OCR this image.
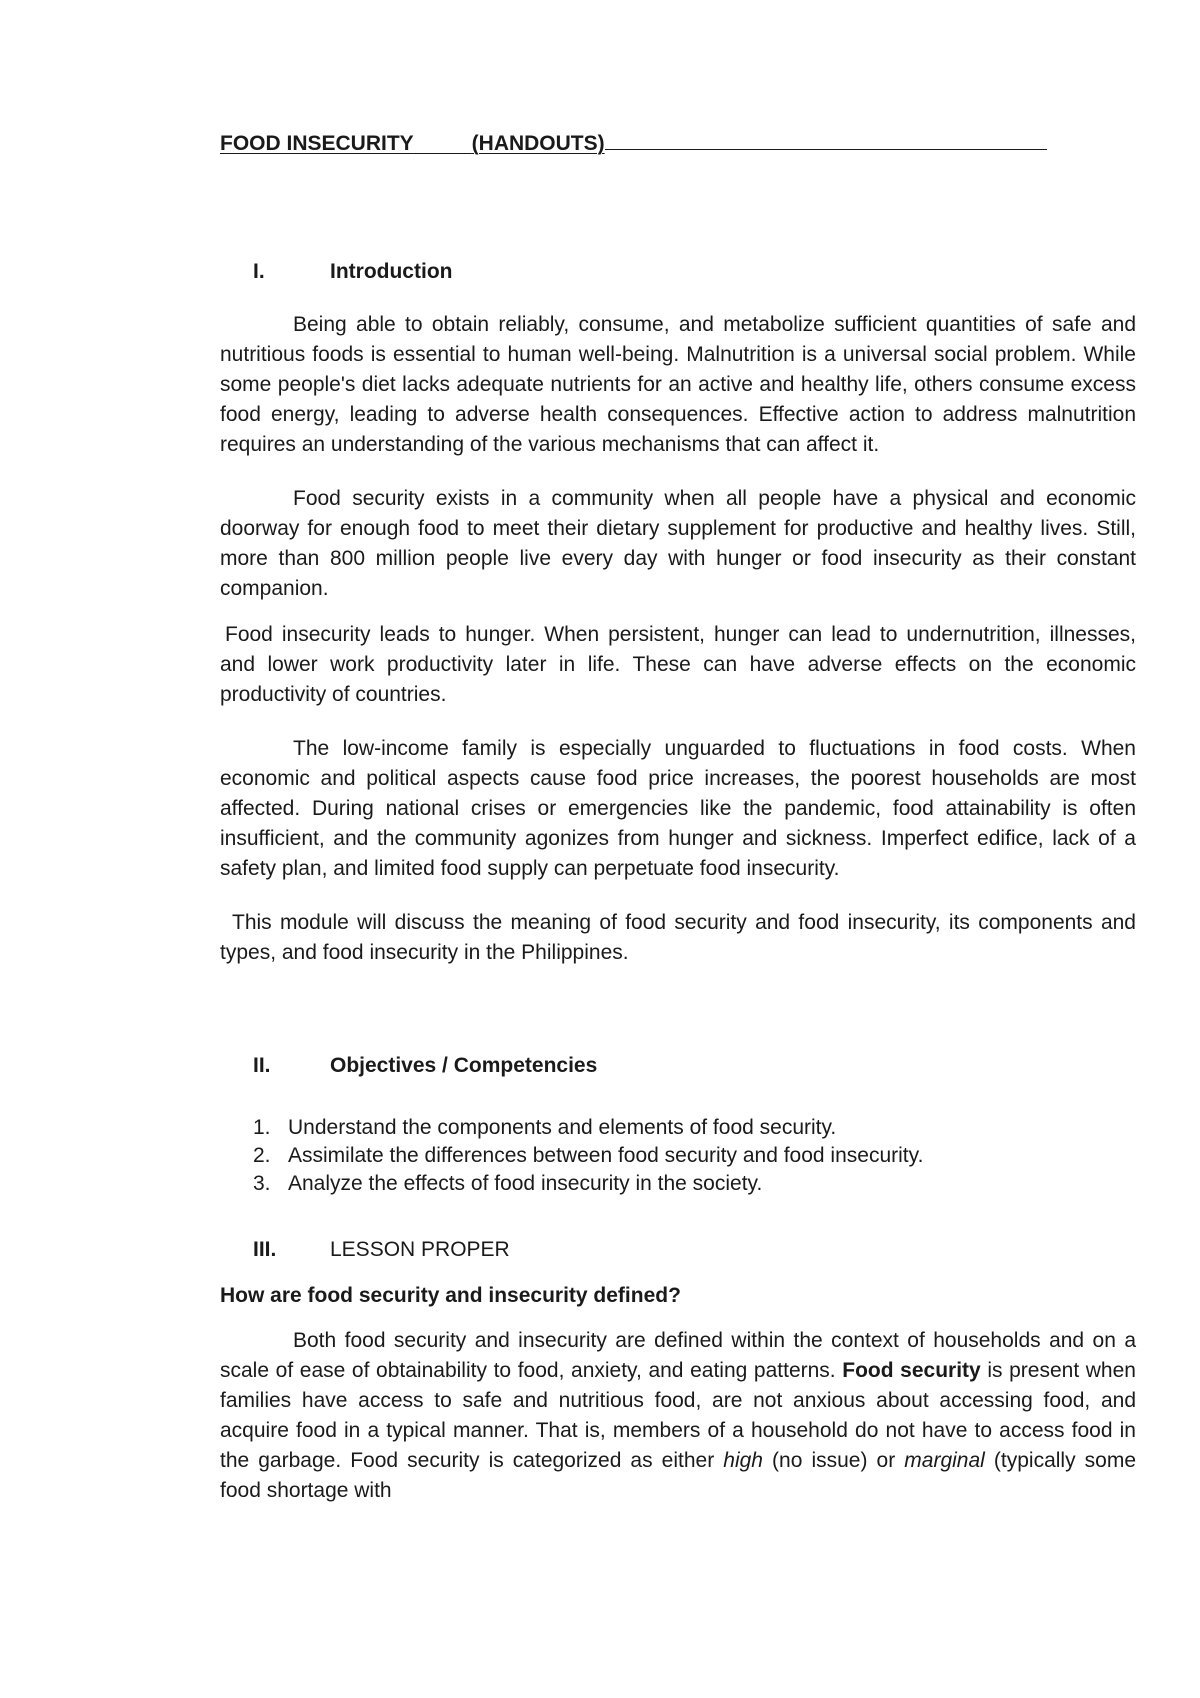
FOOD INSECURITY	(HANDOUTS)
I.	Introduction

Being able to obtain reliably, consume, and metabolize sufficient quantities of safe and nutritious foods is essential to human well-being. Malnutrition is a universal social problem. While some people's diet lacks adequate nutrients for an active and healthy life, others consume excess food energy, leading to adverse health consequences. Effective action to address malnutrition requires an understanding of the various mechanisms that can affect it.

Food security exists in a community when all people have a physical and economic doorway for enough food to meet their dietary supplement for productive and healthy lives. Still, more than 800 million people live every day with hunger or food insecurity as their constant companion.

Food insecurity leads to hunger. When persistent, hunger can lead to undernutrition, illnesses, and lower work productivity later in life. These can have adverse effects on the economic productivity of countries.

The low-income family is especially unguarded to fluctuations in food costs. When economic and political aspects cause food price increases, the poorest households are most affected. During national crises or emergencies like the pandemic, food attainability is often insufficient, and the community agonizes from hunger and sickness. Imperfect edifice, lack of a safety plan, and limited food supply can perpetuate food insecurity.

This module will discuss the meaning of food security and food insecurity, its components and types, and food insecurity in the Philippines.

II.	Objectives / Competencies
1. Understand the components and elements of food security.
2. Assimilate the differences between food security and food insecurity.
3. Analyze the effects of food insecurity in the society.
III.	LESSON PROPER

How are food security and insecurity defined?

Both food security and insecurity are defined within the context of households and on a scale of ease of obtainability to food, anxiety, and eating patterns. Food security is present when families have access to safe and nutritious food, are not anxious about accessing food, and acquire food in a typical manner. That is, members of a household do not have to access food in the garbage. Food security is categorized as either high (no issue) or marginal (typically some food shortage with
